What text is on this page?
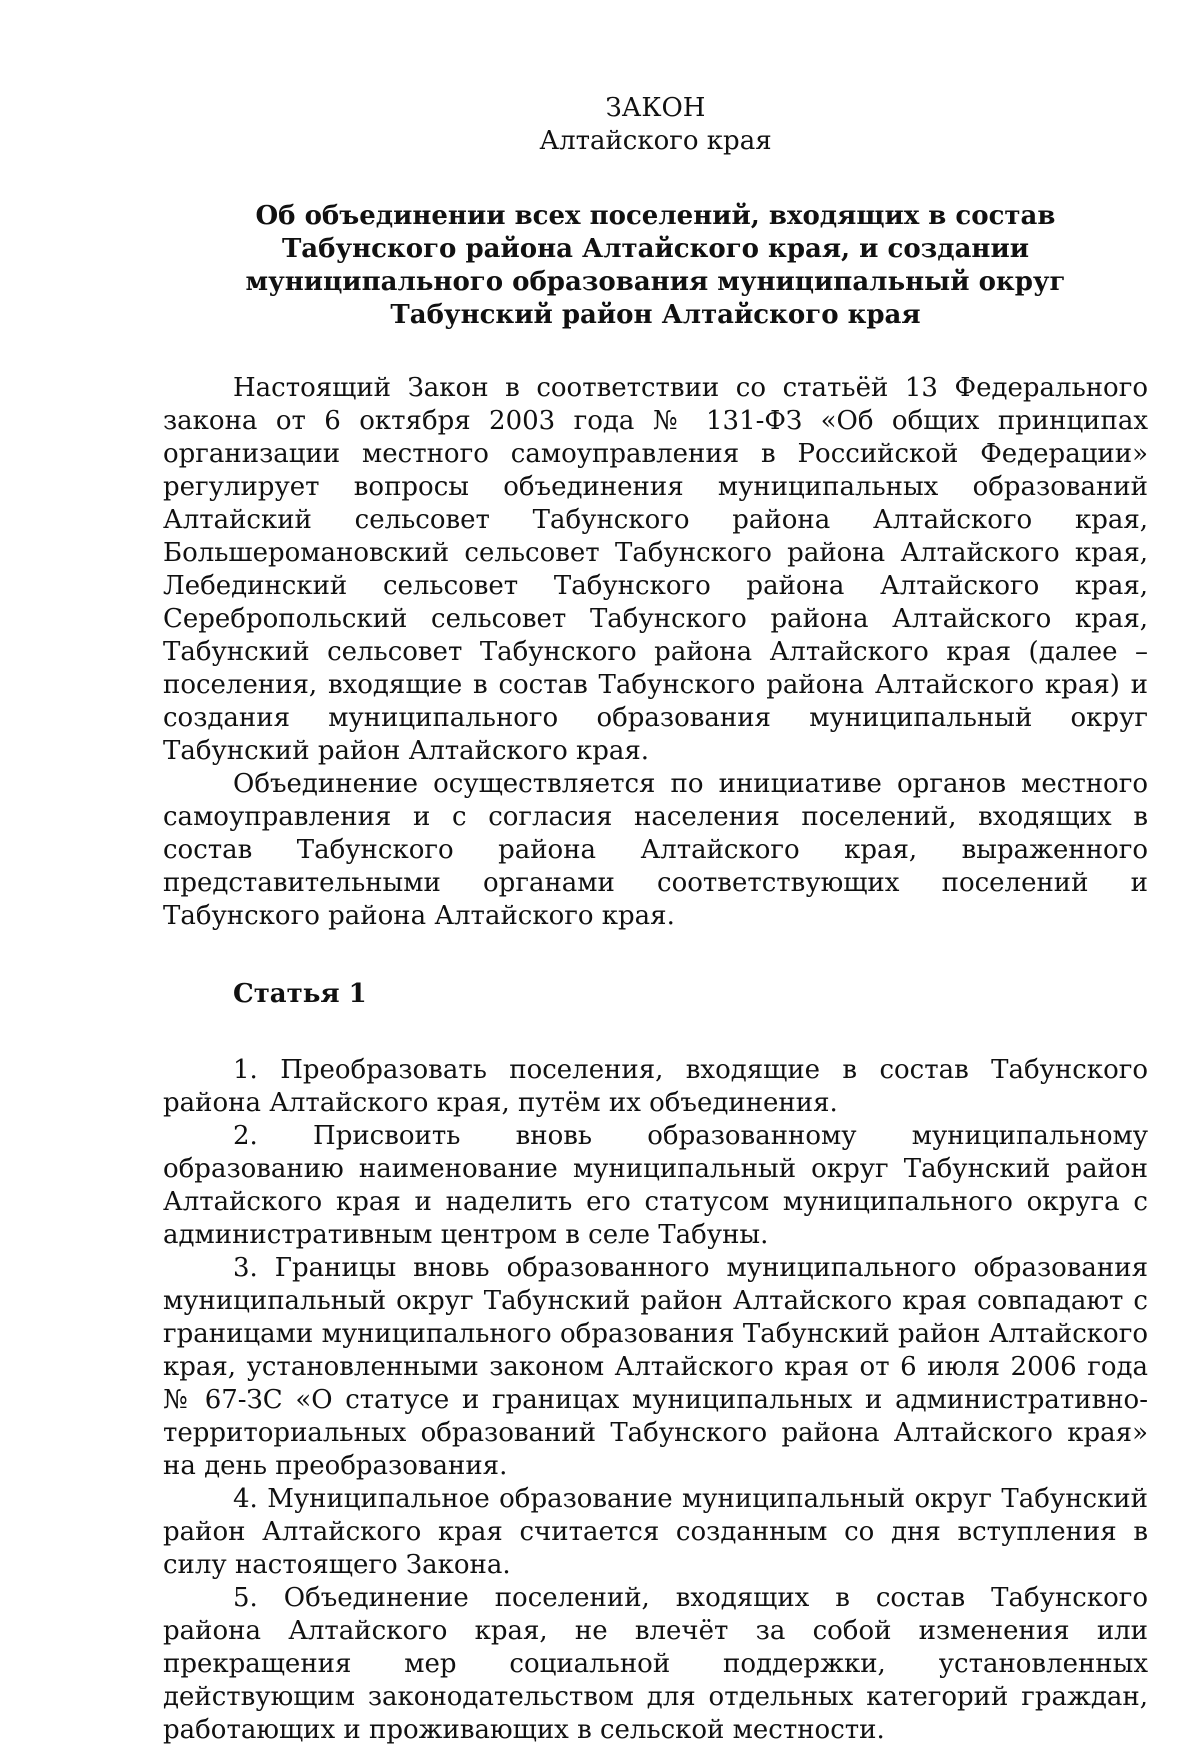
ЗАКОН
Алтайского края
Об объединении всех поселений, входящих в состав Табунского района Алтайского края, и создании муниципального образования муниципальный округ Табунский район Алтайского края

Настоящий Закон в соответствии со статьёй 13 Федерального закона от 6 октября 2003 года № 131-ФЗ «Об общих принципах организации местного самоуправления в Российской Федерации» регулирует вопросы объединения муниципальных образований Алтайский сельсовет Табунского района Алтайского края, Большеромановский сельсовет Табунского района Алтайского края, Лебединский сельсовет Табунского района Алтайского края, Серебропольский сельсовет Табунского района Алтайского края, Табунский сельсовет Табунского района Алтайского края (далее – поселения, входящие в состав Табунского района Алтайского края) и создания муниципального образования муниципальный округ Табунский район Алтайского края.

Объединение осуществляется по инициативе органов местного самоуправления и с согласия населения поселений, входящих в состав Табунского района Алтайского края, выраженного представительными органами соответствующих поселений и Табунского района Алтайского края.

Статья 1

1. Преобразовать поселения, входящие в состав Табунского района Алтайского края, путём их объединения.

2. Присвоить вновь образованному муниципальному образованию наименование муниципальный округ Табунский район Алтайского края и наделить его статусом муниципального округа с административным центром в селе Табуны.

3. Границы вновь образованного муниципального образования муниципальный округ Табунский район Алтайского края совпадают с границами муниципального образования Табунский район Алтайского края, установленными законом Алтайского края от 6 июля 2006 года № 67-ЗС «О статусе и границах муниципальных и административно-территориальных образований Табунского района Алтайского края» на день преобразования.

4. Муниципальное образование муниципальный округ Табунский район Алтайского края считается созданным со дня вступления в силу настоящего Закона.

5. Объединение поселений, входящих в состав Табунского района Алтайского края, не влечёт за собой изменения или прекращения мер социальной поддержки, установленных действующим законодательством для отдельных категорий граждан, работающих и проживающих в сельской местности.
